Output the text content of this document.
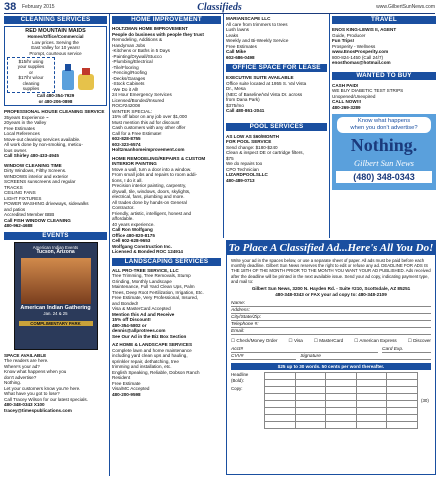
38 February 2015	Classifieds	www.GilbertSunNews.com
CLEANING SERVICES
RED MOUNTAIN MAIDS
Homes/Office/Commercial
Low prices. Serving the
East Valley for 10 years!
Prompt, courteous service
$15/hr using
your supplies
or
$17/hr w/our
cleaning
supplies
Call 480-354-7929
or 480-206-0898

PROFESSIONAL HOUSE CLEANING SERVICE

35years Experience ~

20years in the Valley

Free Estimates

Local References

Move-out cleaning services available.

All work done by non-smoking, meticu-

lous owner.

Call Shirley 480-433-4945

WINDOW CLEANING TIME

Dirty Windows, Filthy Screens.

WINDOWS interior and exterior

SCREENS sunscreens and regular

TRACKS

CEILING FANS

LIGHT FIXTURES

POWER WASHING driveways, sidewalks

and patios

Accredited Member BBB

Call FISH WINDOW CLEANING

480-962-4688

EVENTS
American Indian Events
Tucson, Arizona
American Indian Gathering
Jan. 24 & 25
COMPLIMENTARY PARK

SPACE AVAILABLE

The readers are here.

Where's your ad?

Know what happens when you

don't advertise?

Nothing.

Let your customers know you're here.

What have you got to lose?

Call Tracey Wilson for our latest specials.

480-348-0343 X100

tracey@timespublications.com

HOME IMPROVEMENT

HOLTZMAN HOME IMPROVEMENT

People do business with people they trust

Remodeling, Additions &

Handyman Jobs

-Kitchens or Baths in 5 Days

-Painting/Drywall/Stucco

-Plumbing/Electrical

-Tile/Flooring

-Fencing/Roofing

-Decks/Garages

-Stock Cabinets

-We Do it All!

24 Hour Emergency Services

Licensed/Bonded/Insured

ROC#242008

WINTER SPECIAL:

15% off labor on any job over $1,000

Must mention this ad for discount

Cash customers with any other offer

Call for a Free Estimate!

602-828-8755

602-323-6574

Holtzmanhomeimprovement.com

HOME REMODELING/REPAIRS & CUSTOM INTERIOR PAINTING

Move a wall, turn a door into a window.

From small jobs and repairs to room addi-

tions, I do it all.

Precision interior painting, carpentry,

drywall, tile, windows, doors, skylights,

electrical, fans, plumbing and more.

All trades done by hands-on General

Contractor.

Friendly, artistic, intelligent, honest and

affordable.

40 years experience.

Call Ron Wolfgang

Office 480-820-8175

Cell 602-628-9653

Wolfgang Construction Inc.

Licensed & Bonded ROC 124914

LANDSCAPING SERVICES

ALL PRO-TREE SERVICE, LLC

Tree Trimming, Tree Removals, Stump

Grinding, Monthly Landscape

Maintenance, Full Yard Clean Ups, Palm

Trees, Deep Root Fertilization, Irrigation, Etc.

Free Estimate, Very Professional, Insured,

and Bonded!

Visa & MasterCard Accepted

Mention this Ad and Receive

15% off Discount!

480-354-5802 or

dennis@allprotrees.com

See Our Ad in the Biz Box Section

AZ HOME & LANDSCAPE SERVICES

Complete lawn and home maintenance

including yard clean ups and hauling,

sprinkler repair, dethatching, tree

trimming and installation, etc.

English Speaking, Reliable, Dobson Ranch

Resident

Free Estimate

Visa/MC Accepted

480-200-9598

MARIANSCAPE LLC

All care from trimmers to trees

Lush lawns

Leaks

Weekly and Bi-Weekly Service

Free Estimates

Call Mike

602-686-0498

OFFICE SPACE FOR LEASE

EXECUTIVE SUITE AVAILABLE

Office suite located at 1955 S. Val Vista

Dr., Mesa

(NEC of Baseline/Val Vista Dr. across

from Dana Park)

$375/mo

Call 480-861-2041

POOL SERVICES

AS LOW AS $60/MONTH

FOR POOL SERVICE

Send change: $180-$240

Clean & inspect DE or cartridge filters,

$75

We do repairs too

CPO Technician

LIZARDPOOLSLLC

480-489-0713

TRAVEL

ENOS KING-LEWIS II, AGENT

Guide, Producer

Fun Trips!

Prosperity - Wellness

www.EnosProsperity.com

800-824-1450 (Call 24/7)

enosthomas@hotmail.com

WANTED TO BUY

CASH PAID!

WE BUY DIABETIC TEST STRIPS

Unopened/Unexpired

CALL NOW!!!

480-269-3289

Know what happens
when you don't advertise?
Nothing.
Gilbert Sun News
(480) 348-0343
To Place A Classified Ad...Here's All You Do!
Write your ad in the spaces below, or use a separate sheet of paper. All ads must be paid before each monthly deadline. Gilbert Sun News reserves the right to edit or refuse any ad. DEADLINE FOR ADS IS THE 18TH OF THE MONTH PRIOR TO THE MONTH YOU WANT YOUR AD PUBLISHED. Ads received after the deadline will be printed in the next available issue. Send your ad copy, indicating payment type, and mail to:
Gilbert Sun News, 3200 N. Hayden Rd. - Suite #210, Scottsdale, AZ 85251
480-348-0343 or FAX your ad copy to: 480-348-2109
Name:
Address:
City/State/Zip:
Telephone #:
Email:
☐ Check/Money Order ☐ Visa ☐ MasterCard ☐ American Express ☐ Discover
Acct#	Card Exp.
CVV#	Signature
$25 up to 30 words. 50 cents per word thereafter.
Headline (Bold):
Copy:
(30)
